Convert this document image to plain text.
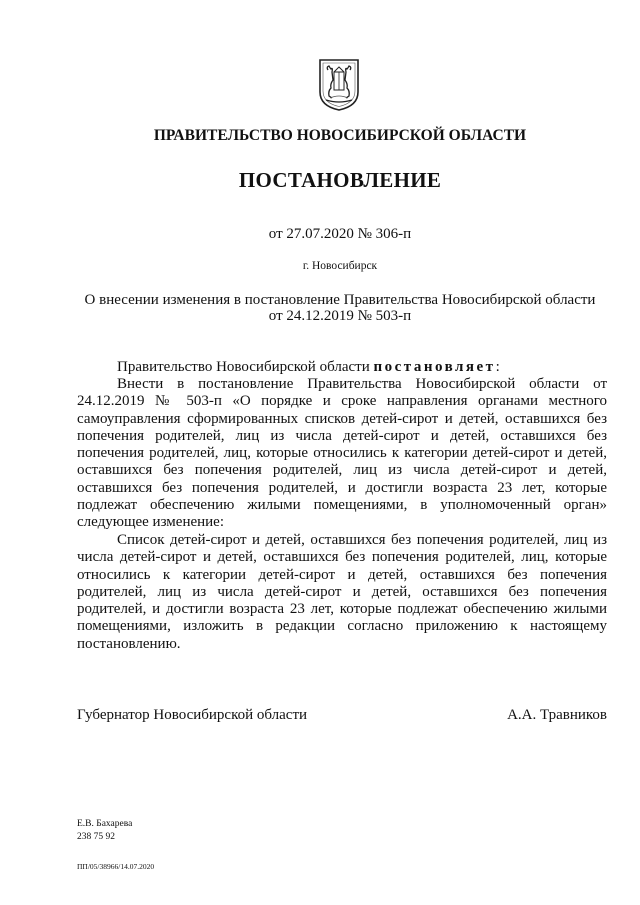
ПРАВИТЕЛЬСТВО НОВОСИБИРСКОЙ ОБЛАСТИ
ПОСТАНОВЛЕНИЕ
от 27.07.2020 № 306-п
г. Новосибирск
О внесении изменения в постановление Правительства Новосибирской области
от 24.12.2019 № 503-п

Правительство Новосибирской области постановляет:

Внести в постановление Правительства Новосибирской области от 24.12.2019 № 503-п «О порядке и сроке направления органами местного самоуправления сформированных списков детей-сирот и детей, оставшихся без попечения родителей, лиц из числа детей-сирот и детей, оставшихся без попечения родителей, лиц, которые относились к категории детей-сирот и детей, оставшихся без попечения родителей, лиц из числа детей-сирот и детей, оставшихся без попечения родителей, и достигли возраста 23 лет, которые подлежат обеспечению жилыми помещениями, в уполномоченный орган» следующее изменение:

Список детей-сирот и детей, оставшихся без попечения родителей, лиц из числа детей-сирот и детей, оставшихся без попечения родителей, лиц, которые относились к категории детей-сирот и детей, оставшихся без попечения родителей, лиц из числа детей-сирот и детей, оставшихся без попечения родителей, и достигли возраста 23 лет, которые подлежат обеспечению жилыми помещениями, изложить в редакции согласно приложению к настоящему постановлению.

Губернатор Новосибирской области	А.А. Травников
Е.В. Бахарева
238 75 92
ПП/05/38966/14.07.2020
